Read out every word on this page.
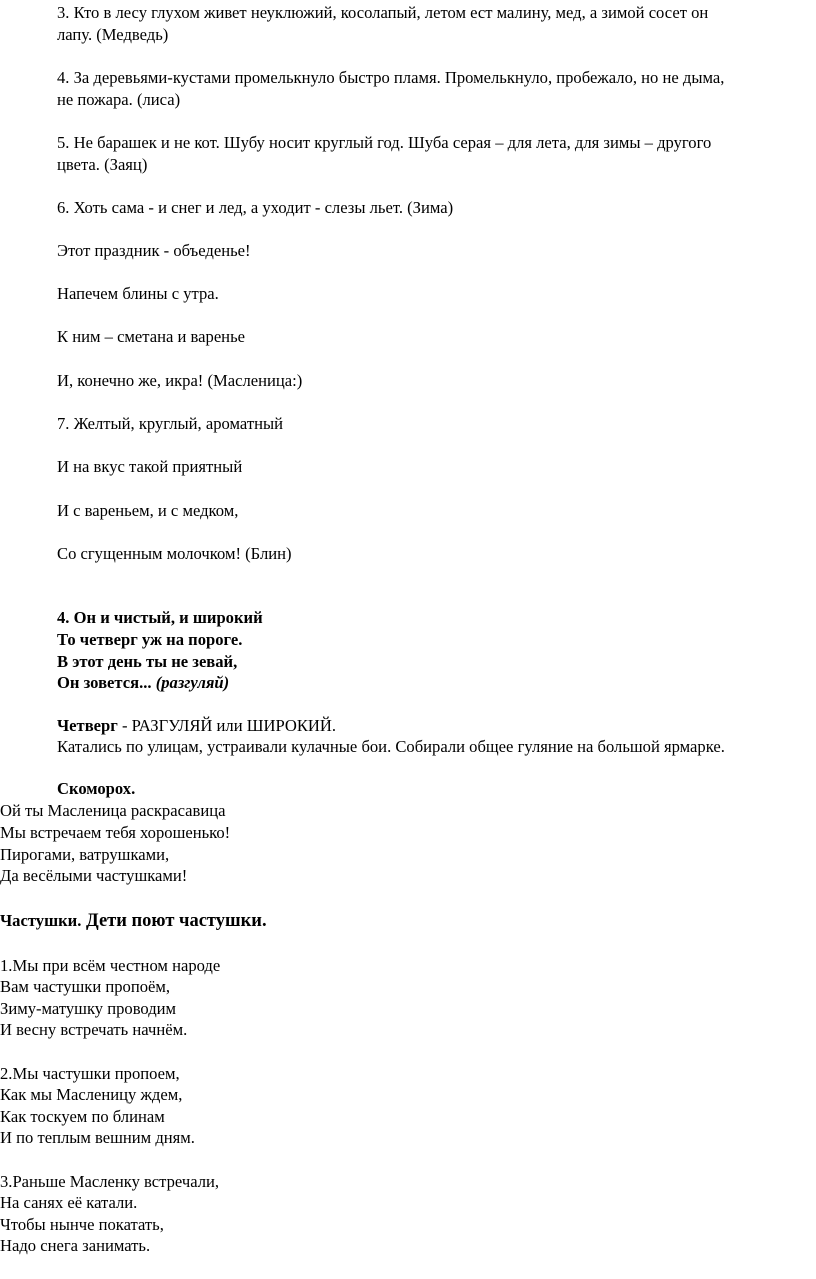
3. Кто в лесу глухом живет неуклюжий, косолапый, летом ест малину, мед, а зимой сосет он
лапу. (Медведь)
4. За деревьями-кустами промелькнуло быстро пламя. Промелькнуло, пробежало, но не дыма,
не пожара. (лиса)
5. Не барашек и не кот. Шубу носит круглый год. Шуба серая – для лета, для зимы – другого
цвета. (Заяц)
6. Хоть сама - и снег и лед, а уходит - слезы льет. (Зима)
Этот праздник - объеденье!
Напечем блины с утра.
К ним – сметана и варенье
И, конечно же, икра! (Масленица:)
7. Желтый, круглый, ароматный
И на вкус такой приятный
И с вареньем, и с медком,
Со сгущенным молочком! (Блин)
4. Он и чистый, и широкий
То четверг уж на пороге.
В этот день ты не зевай,
Он зовется... (разгуляй)
Четверг - РАЗГУЛЯЙ или ШИРОКИЙ.
Катались по улицам, устраивали кулачные бои. Собирали общее гуляние на большой ярмарке.
Скоморох.
Ой ты Масленица раскрасавица
Мы встречаем тебя хорошенько!
Пирогами, ватрушками,
Да весёлыми частушками!
Частушки. Дети поют частушки.
1.Мы при всём честном народе
Вам частушки пропоём,
Зиму-матушку проводим
И весну встречать начнём.
2.Мы частушки пропоем,
Как мы Масленицу ждем,
Как тоскуем по блинам
И по теплым вешним дням.
3.Раньше Масленку встречали,
На санях её катали.
Чтобы нынче покатать,
Надо снега занимать.
